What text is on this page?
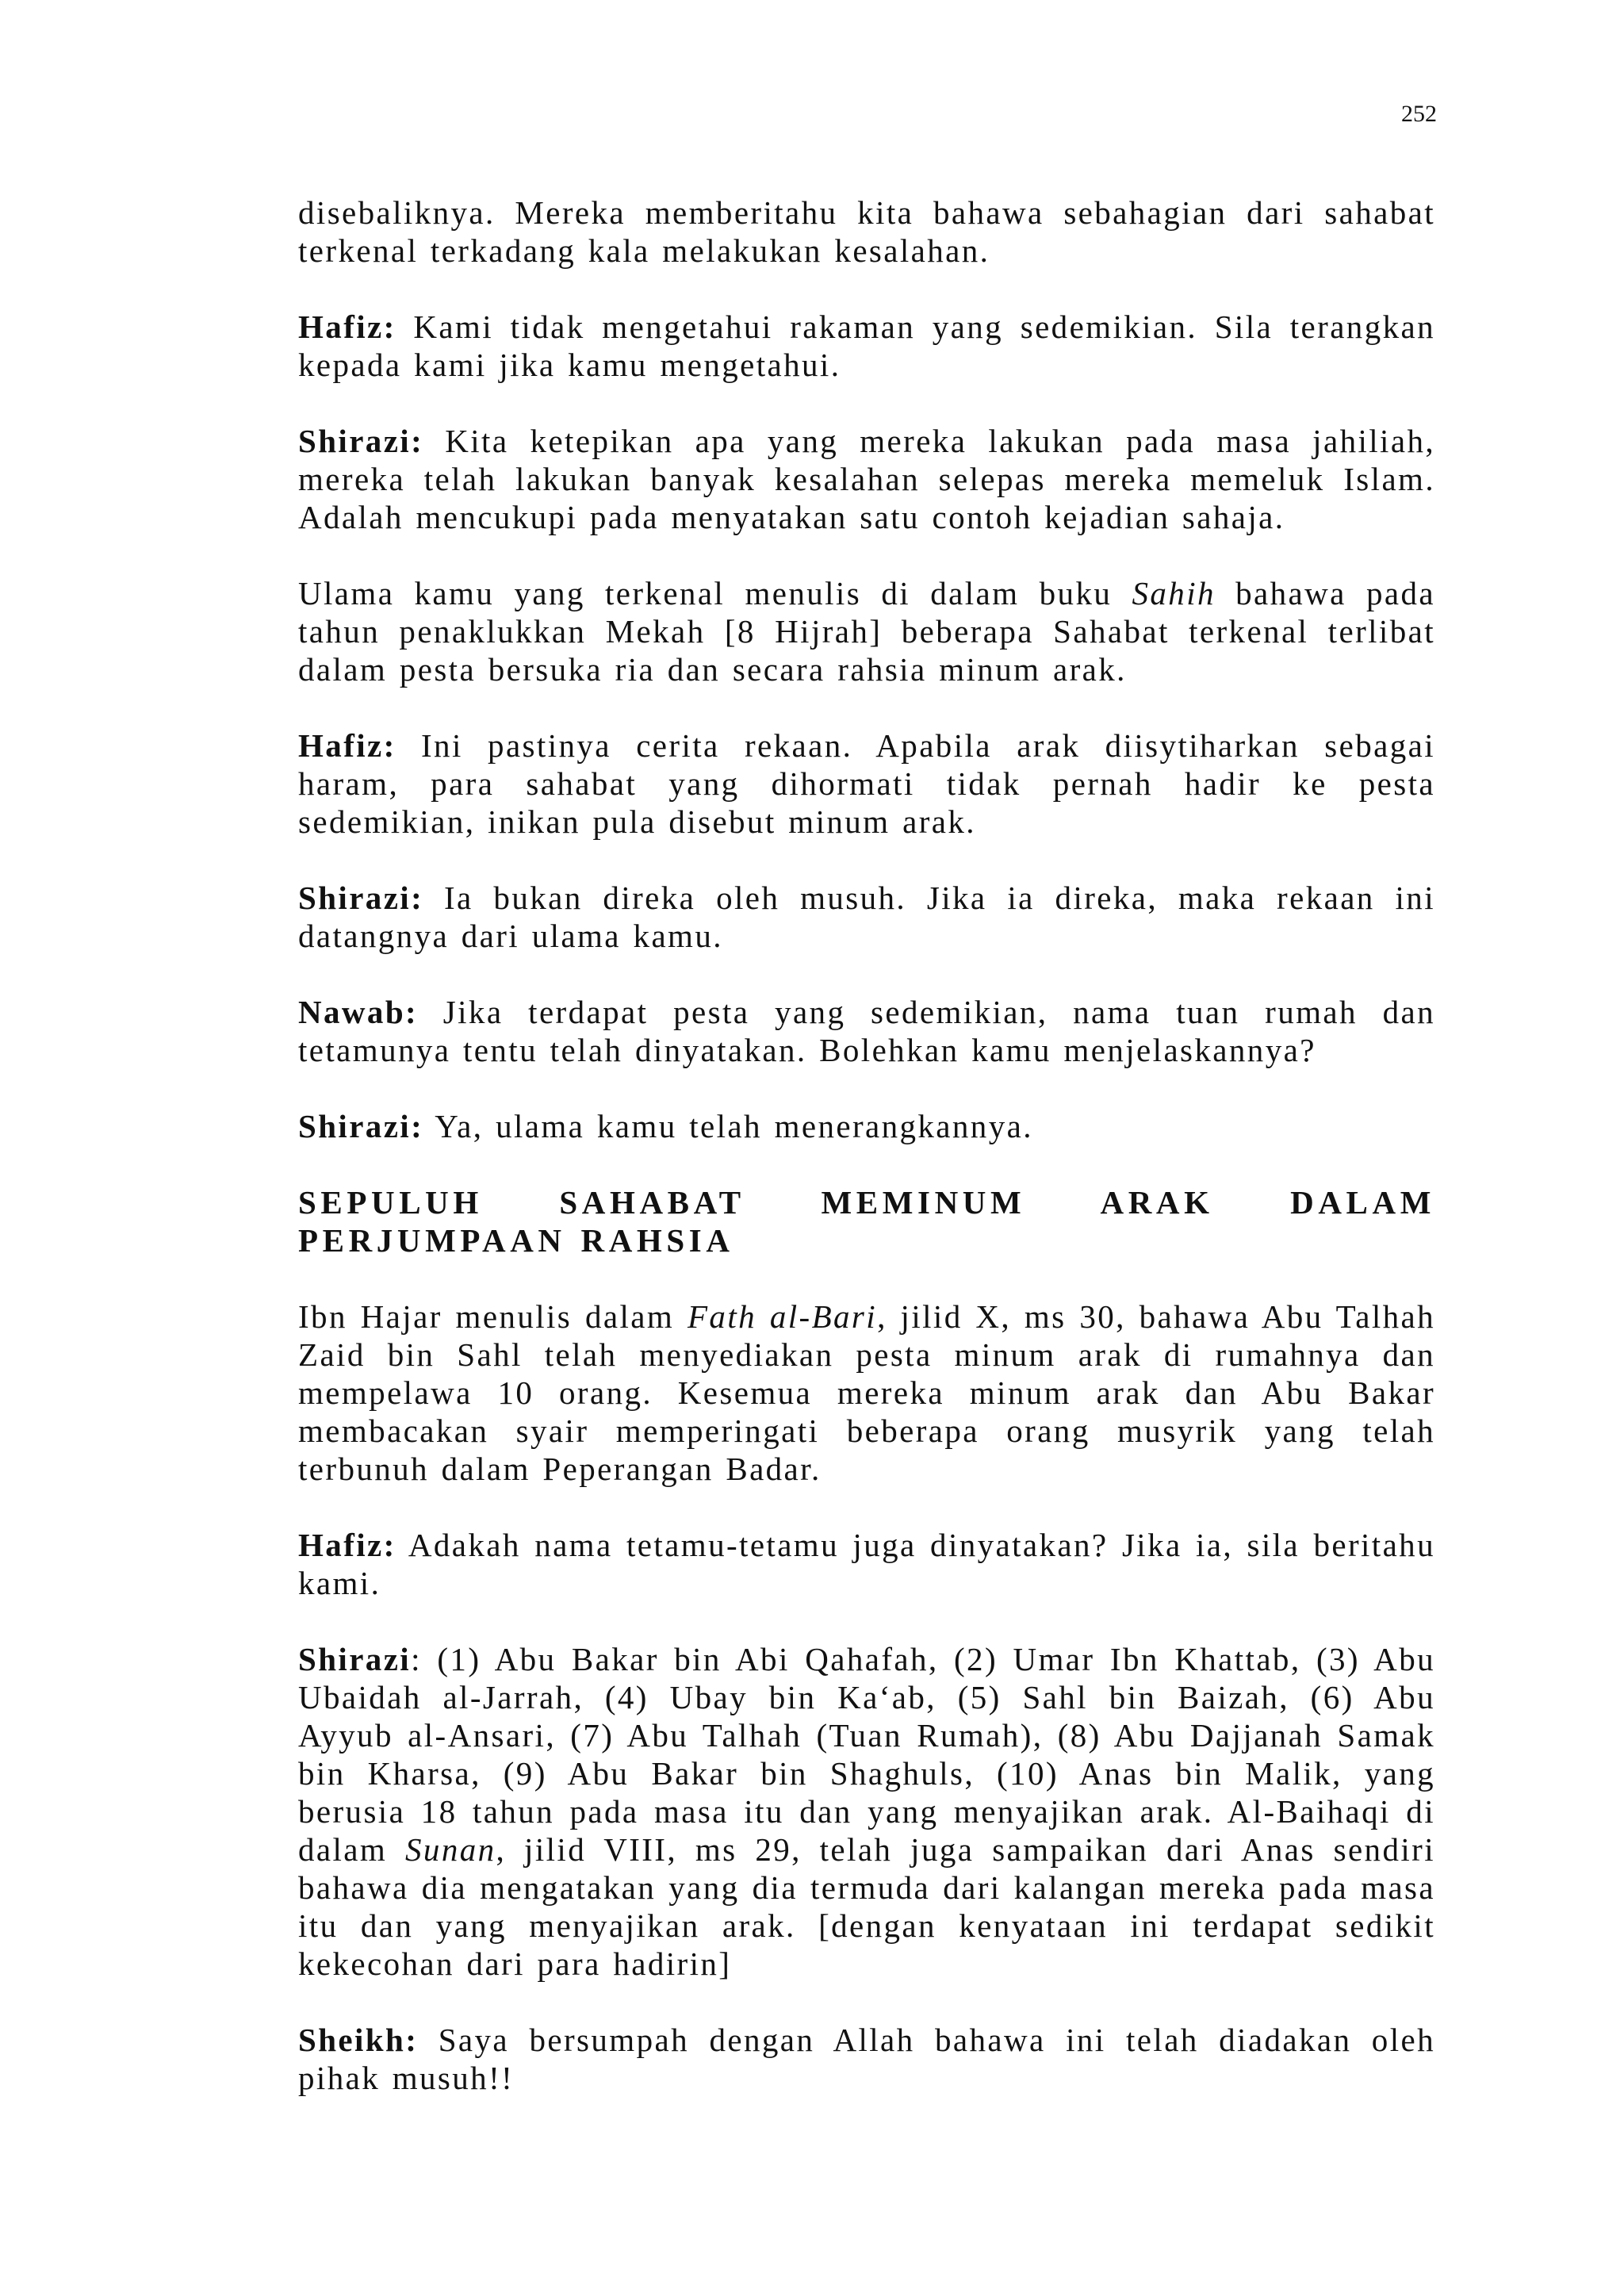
252

disebaliknya. Mereka memberitahu kita bahawa sebahagian dari sahabat terkenal terkadang kala melakukan kesalahan.

Hafiz: Kami tidak mengetahui rakaman yang sedemikian. Sila terangkan kepada kami jika kamu mengetahui.

Shirazi: Kita ketepikan apa yang mereka lakukan pada masa jahiliah, mereka telah lakukan banyak kesalahan selepas mereka memeluk Islam. Adalah mencukupi pada menyatakan satu contoh kejadian sahaja.

Ulama kamu yang terkenal menulis di dalam buku Sahih bahawa pada tahun penaklukkan Mekah [8 Hijrah] beberapa Sahabat terkenal terlibat dalam pesta bersuka ria dan secara rahsia minum arak.

Hafiz: Ini pastinya cerita rekaan. Apabila arak diisytiharkan sebagai haram, para sahabat yang dihormati tidak pernah hadir ke pesta sedemikian, inikan pula disebut minum arak.

Shirazi: Ia bukan direka oleh musuh. Jika ia direka, maka rekaan ini datangnya dari ulama kamu.

Nawab: Jika terdapat pesta yang sedemikian, nama tuan rumah dan tetamunya tentu telah dinyatakan. Bolehkan kamu menjelaskannya?

Shirazi: Ya, ulama kamu telah menerangkannya.

SEPULUH SAHABAT MEMINUM ARAK DALAM PERJUMPAAN RAHSIA

Ibn Hajar menulis dalam Fath al-Bari, jilid X, ms 30, bahawa Abu Talhah Zaid bin Sahl telah menyediakan pesta minum arak di rumahnya dan mempelawa 10 orang. Kesemua mereka minum arak dan Abu Bakar membacakan syair memperingati beberapa orang musyrik yang telah terbunuh dalam Peperangan Badar.

Hafiz: Adakah nama tetamu-tetamu juga dinyatakan? Jika ia, sila beritahu kami.

Shirazi: (1) Abu Bakar bin Abi Qahafah, (2) Umar Ibn Khattab, (3) Abu Ubaidah al-Jarrah, (4) Ubay bin Ka‘ab, (5) Sahl bin Baizah, (6) Abu Ayyub al-Ansari, (7) Abu Talhah (Tuan Rumah), (8) Abu Dajjanah Samak bin Kharsa, (9) Abu Bakar bin Shaghuls, (10) Anas bin Malik, yang berusia 18 tahun pada masa itu dan yang menyajikan arak. Al-Baihaqi di dalam Sunan, jilid VIII, ms 29, telah juga sampaikan dari Anas sendiri bahawa dia mengatakan yang dia termuda dari kalangan mereka pada masa itu dan yang menyajikan arak. [dengan kenyataan ini terdapat sedikit kekecohan dari para hadirin]

Sheikh: Saya bersumpah dengan Allah bahawa ini telah diadakan oleh pihak musuh!!
